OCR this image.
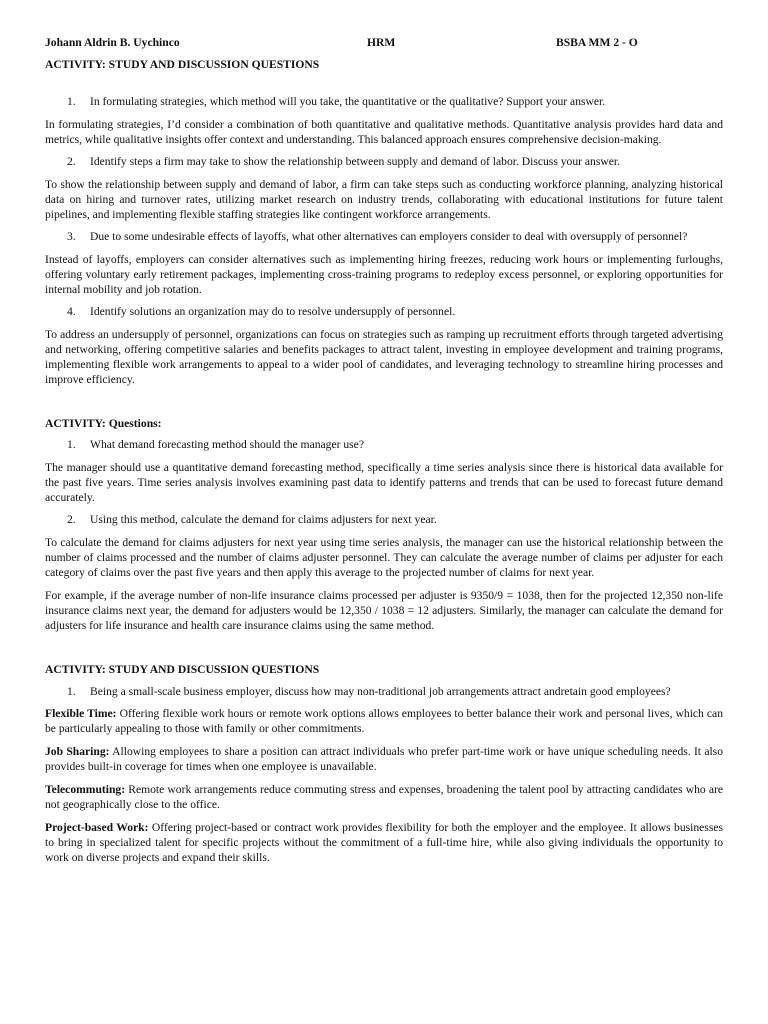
Johann Aldrin B. Uychinco	HRM	BSBA MM 2 - O
ACTIVITY: STUDY AND DISCUSSION QUESTIONS
1. In formulating strategies, which method will you take, the quantitative or the qualitative? Support your answer.

In formulating strategies, I’d consider a combination of both quantitative and qualitative methods. Quantitative analysis provides hard data and metrics, while qualitative insights offer context and understanding. This balanced approach ensures comprehensive decision-making.

2. Identify steps a firm may take to show the relationship between supply and demand of labor. Discuss your answer.

To show the relationship between supply and demand of labor, a firm can take steps such as conducting workforce planning, analyzing historical data on hiring and turnover rates, utilizing market research on industry trends, collaborating with educational institutions for future talent pipelines, and implementing flexible staffing strategies like contingent workforce arrangements.

3. Due to some undesirable effects of layoffs, what other alternatives can employers consider to deal with oversupply of personnel?

Instead of layoffs, employers can consider alternatives such as implementing hiring freezes, reducing work hours or implementing furloughs, offering voluntary early retirement packages, implementing cross-training programs to redeploy excess personnel, or exploring opportunities for internal mobility and job rotation.

4. Identify solutions an organization may do to resolve undersupply of personnel.

To address an undersupply of personnel, organizations can focus on strategies such as ramping up recruitment efforts through targeted advertising and networking, offering competitive salaries and benefits packages to attract talent, investing in employee development and training programs, implementing flexible work arrangements to appeal to a wider pool of candidates, and leveraging technology to streamline hiring processes and improve efficiency.

ACTIVITY: Questions:
1. What demand forecasting method should the manager use?

The manager should use a quantitative demand forecasting method, specifically a time series analysis since there is historical data available for the past five years. Time series analysis involves examining past data to identify patterns and trends that can be used to forecast future demand accurately.

2. Using this method, calculate the demand for claims adjusters for next year.

To calculate the demand for claims adjusters for next year using time series analysis, the manager can use the historical relationship between the number of claims processed and the number of claims adjuster personnel. They can calculate the average number of claims per adjuster for each category of claims over the past five years and then apply this average to the projected number of claims for next year.

For example, if the average number of non-life insurance claims processed per adjuster is 9350/9 = 1038, then for the projected 12,350 non-life insurance claims next year, the demand for adjusters would be 12,350 / 1038 = 12 adjusters. Similarly, the manager can calculate the demand for adjusters for life insurance and health care insurance claims using the same method.

ACTIVITY: STUDY AND DISCUSSION QUESTIONS
1. Being a small-scale business employer, discuss how may non-traditional job arrangements attract andretain good employees?

Flexible Time: Offering flexible work hours or remote work options allows employees to better balance their work and personal lives, which can be particularly appealing to those with family or other commitments.

Job Sharing: Allowing employees to share a position can attract individuals who prefer part-time work or have unique scheduling needs. It also provides built-in coverage for times when one employee is unavailable.

Telecommuting: Remote work arrangements reduce commuting stress and expenses, broadening the talent pool by attracting candidates who are not geographically close to the office.

Project-based Work: Offering project-based or contract work provides flexibility for both the employer and the employee. It allows businesses to bring in specialized talent for specific projects without the commitment of a full-time hire, while also giving individuals the opportunity to work on diverse projects and expand their skills.
